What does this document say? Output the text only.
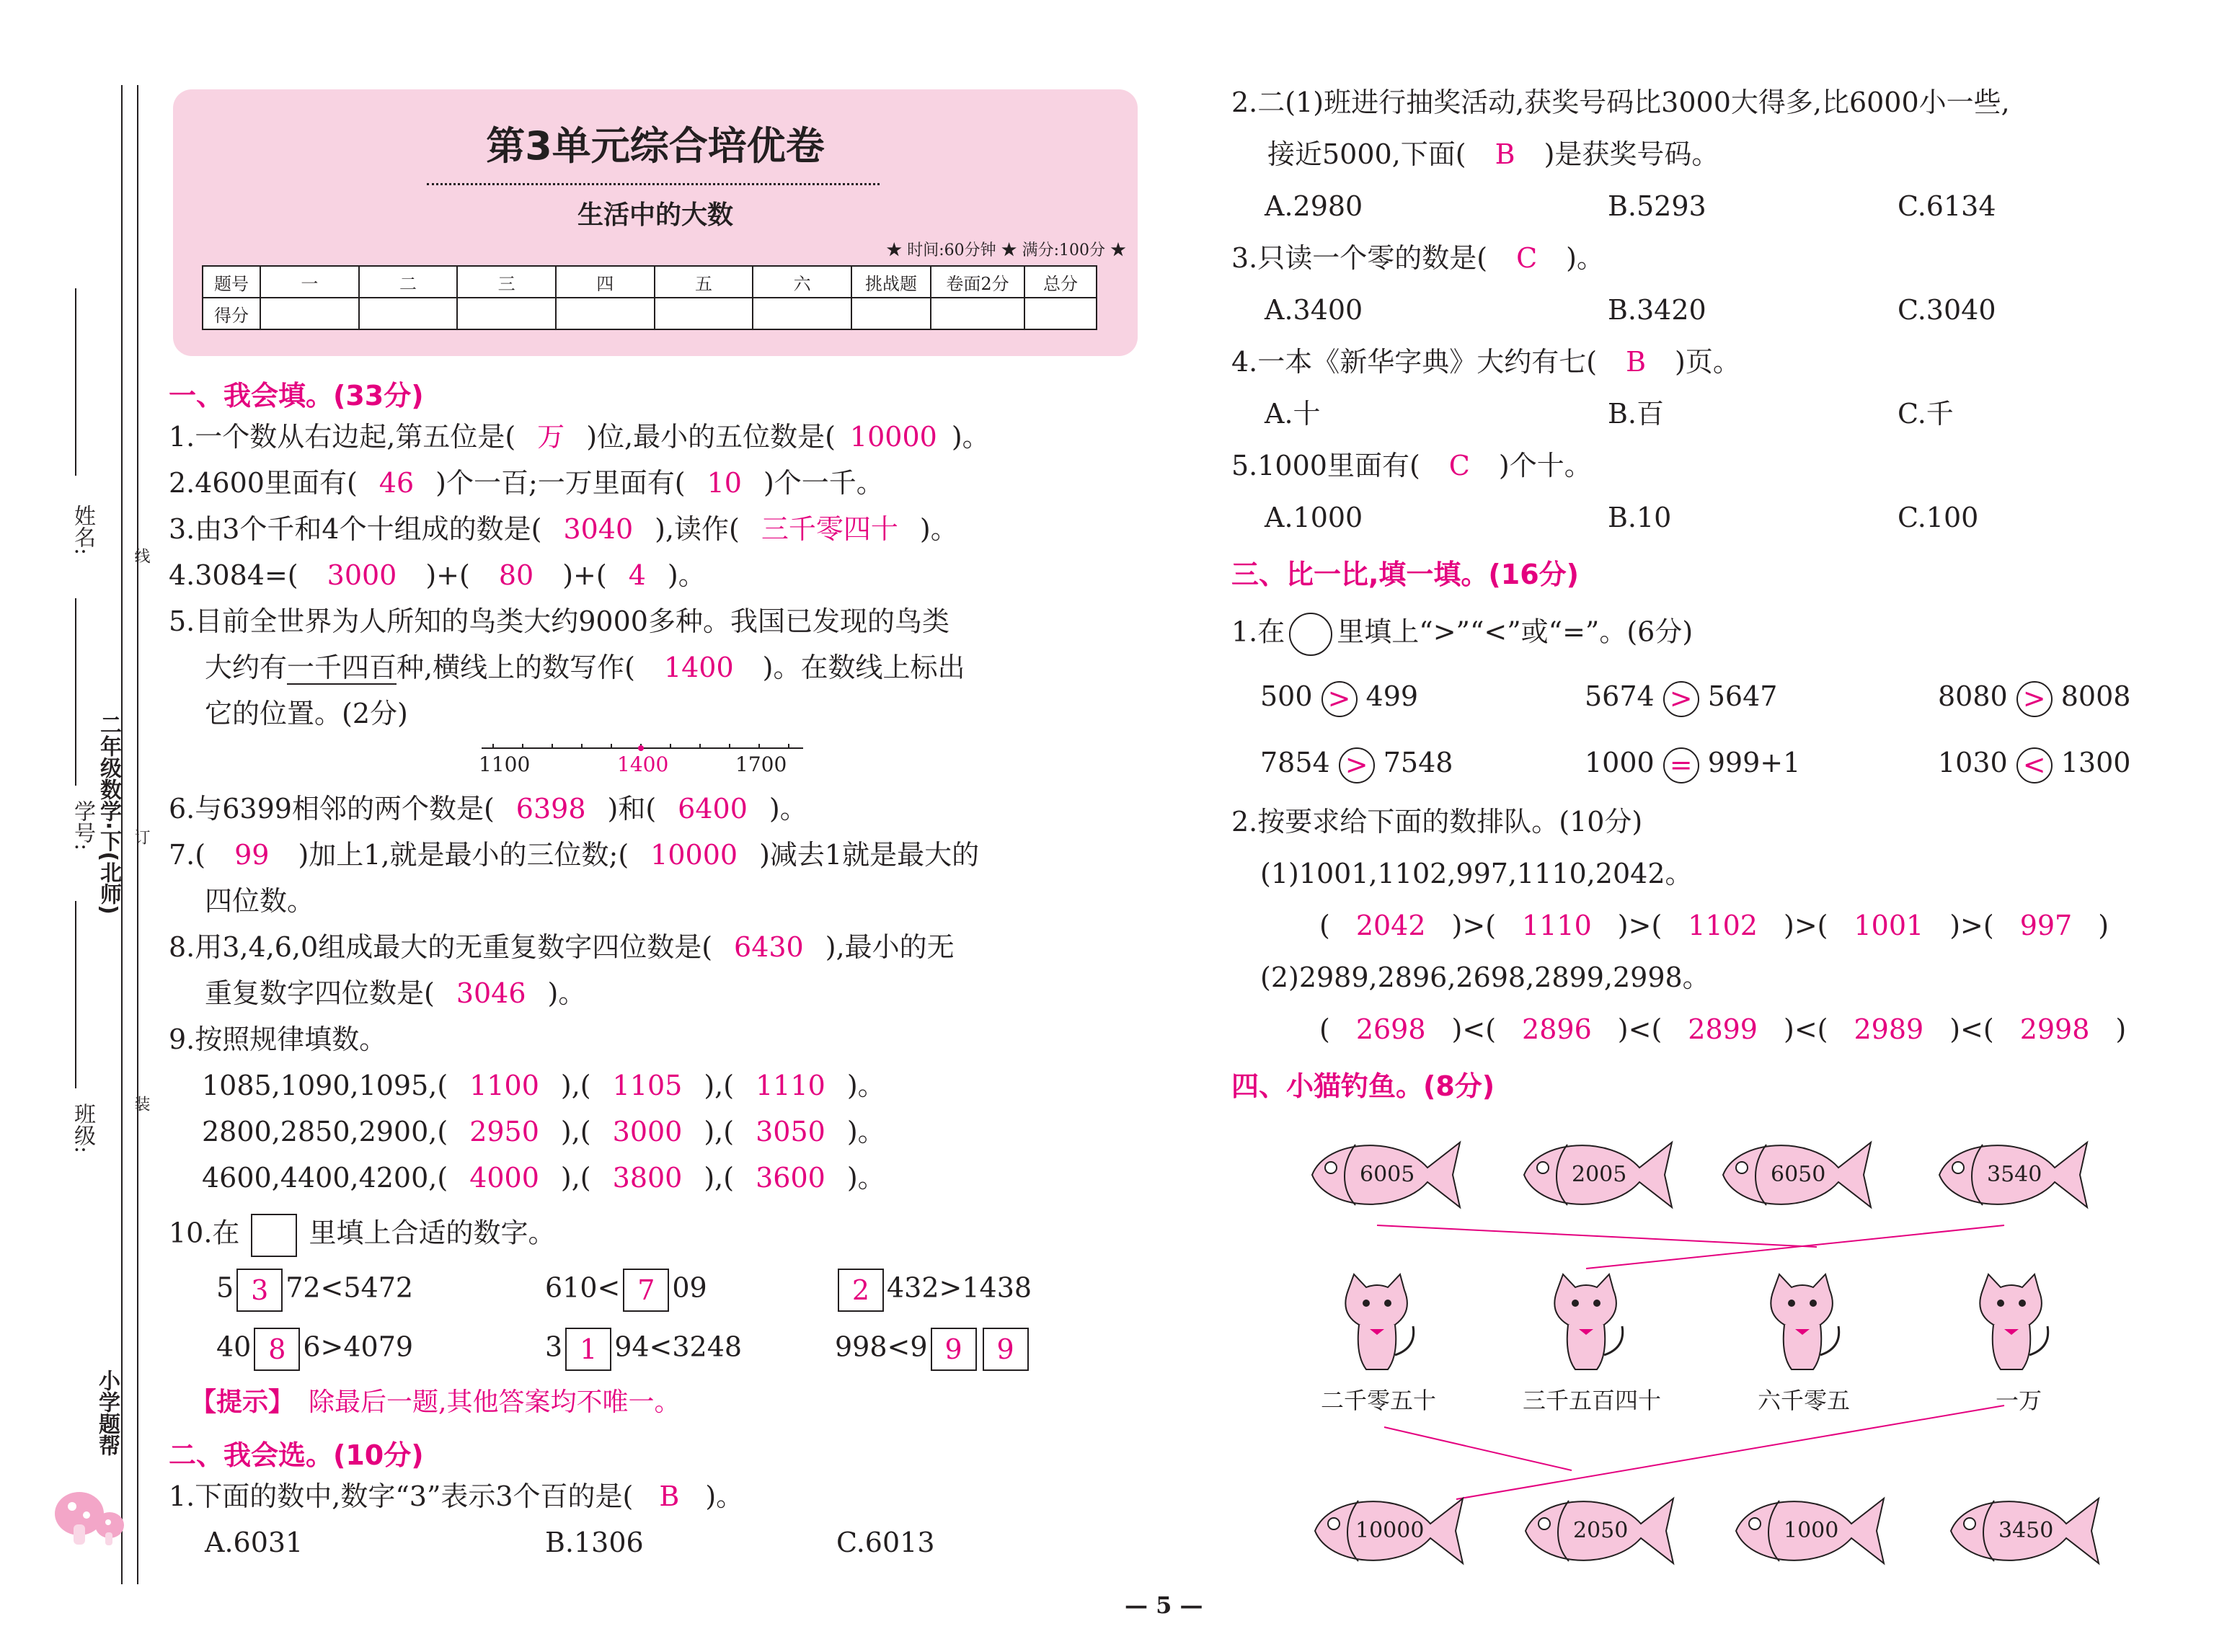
姓名:
学号: 二年级数学·下(北师)
班级:
线
订
装
小学题帮
第3单元综合培优卷
生活中的大数
★ 时间:60分钟 ★ 满分:100分 ★
题号	一	二	三	四	五	六	挑战题	卷面2分	总分
得分									
一、我会填。(33分)
1.一个数从右边起,第五位是( 万 )位,最小的五位数是( 10000 )。
2.4600里面有( 46 )个一百;一万里面有( 10 )个一千。
3.由3个千和4个十组成的数是( 3040 ),读作( 三千零四十 )。
4.3084=( 3000 )+( 80 )+( 4 )。
5.目前全世界为人所知的鸟类大约9000多种。我国已发现的鸟类
大约有一千四百种,横线上的数写作( 1400 )。在数线上标出
它的位置。(2分)
1100	1400	1700
6.与6399相邻的两个数是( 6398 )和( 6400 )。
7.( 99 )加上1,就是最小的三位数;( 10000 )减去1就是最大的
四位数。
8.用3,4,6,0组成最大的无重复数字四位数是( 6430 ),最小的无
重复数字四位数是( 3046 )。
9.按照规律填数。
1085,1090,1095,( 1100 ),( 1105 ),( 1110 )。
2800,2850,2900,( 2950 ),( 3000 ),( 3050 )。
4600,4400,4200,( 4000 ),( 3800 ),( 3600 )。
10.在	里填上合适的数字。
5 3 72<5472	610< 7 09	2 432>1438
40 8 6>4079	3 1 94<3248	998<9 9 9
【提示】 除最后一题,其他答案均不唯一。
二、我会选。(10分)
1.下面的数中,数字“3”表示3个百的是( B )。
A.6031	B.1306	C.6013
— 5 —
2.二(1)班进行抽奖活动,获奖号码比3000大得多,比6000小一些,
接近5000,下面( B )是获奖号码。
A.2980	B.5293	C.6134
3.只读一个零的数是( C )。
A.3400	B.3420	C.3040
4.一本《新华字典》大约有七( B )页。
A.十	B.百	C.千
5.1000里面有( C )个十。
A.1000	B.10	C.100
三、比一比,填一填。(16分)
1.在 里填上“>”“<”或“=”。(6分)
500 > 499	5674 > 5647	8080 > 8008
7854 > 7548	1000 = 999+1	1030 < 1300
2.按要求给下面的数排队。(10分)
(1)1001,1102,997,1110,2042。
( 2042 )>( 1110 )>( 1102 )>( 1001 )>( 997 )
(2)2989,2896,2698,2899,2998。
( 2698 )<( 2896 )<( 2899 )<( 2989 )<( 2998 )
四、小猫钓鱼。(8分)
6005	2005	6050	3540
二千零五十	三千五百四十	六千零五	一万
10000	2050	1000	3450
